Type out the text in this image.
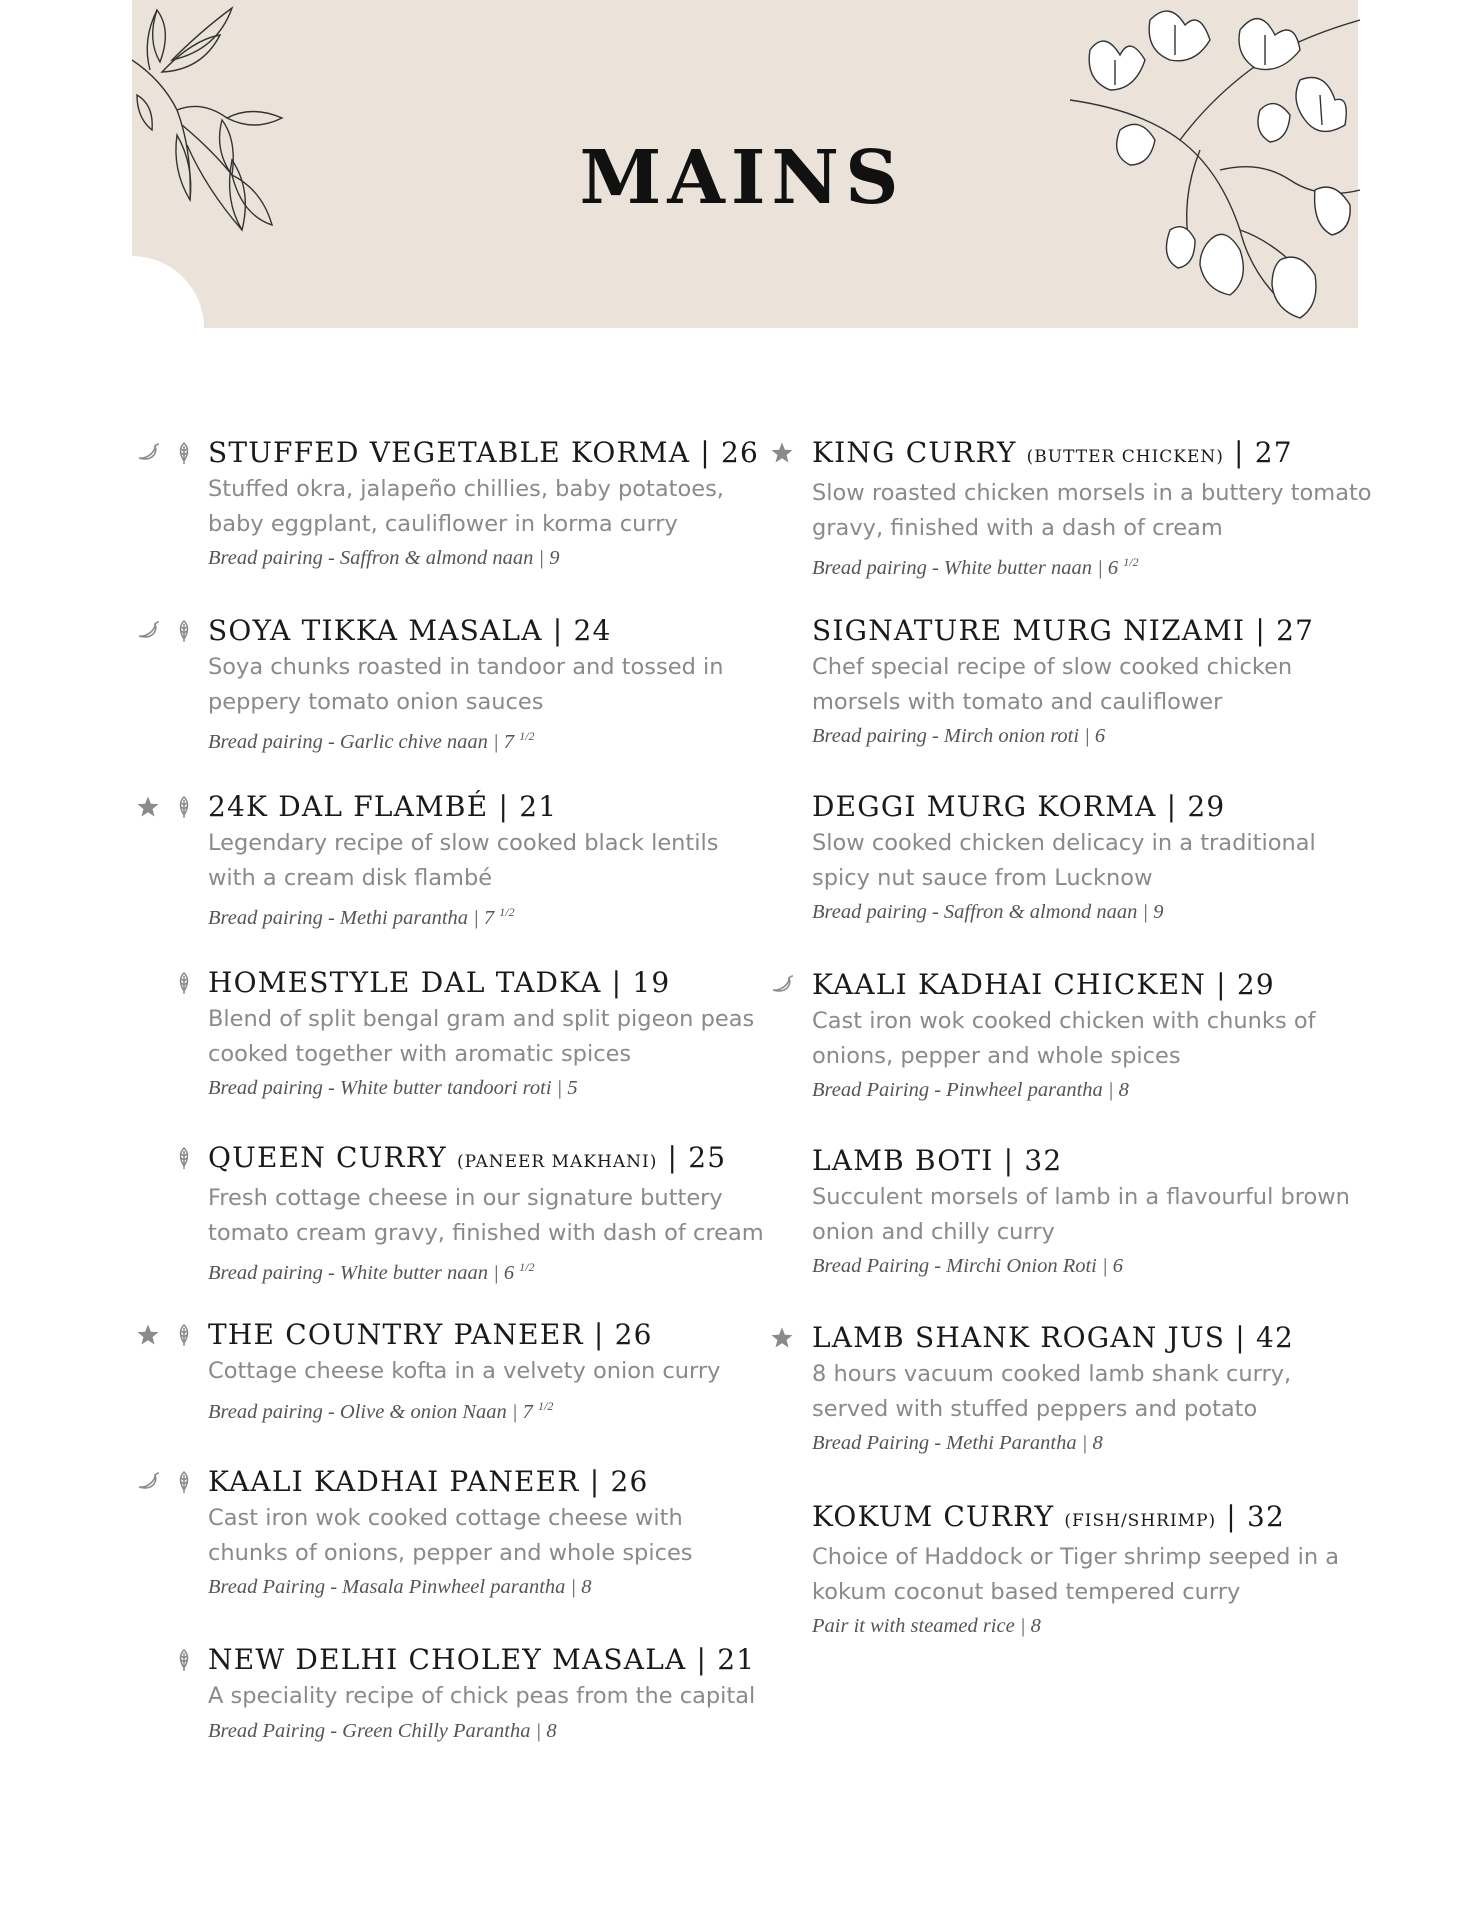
MAINS
STUFFED VEGETABLE KORMA | 26
Stuffed okra, jalapeño chillies, baby potatoes, baby eggplant, cauliflower in korma curry
Bread pairing - Saffron & almond naan | 9
SOYA TIKKA MASALA | 24
Soya chunks roasted in tandoor and tossed in peppery tomato onion sauces
Bread pairing - Garlic chive naan | 7 $^{1/2}$
24K DAL FLAMBÉ | 21
Legendary recipe of slow cooked black lentils with a cream disk flambé
Bread pairing - Methi parantha | 7 $^{1/2}$
HOMESTYLE DAL TADKA | 19
Blend of split bengal gram and split pigeon peas cooked together with aromatic spices
Bread pairing - White butter tandoori roti | 5
QUEEN CURRY (PANEER MAKHANI) | 25
Fresh cottage cheese in our signature buttery tomato cream gravy, finished with dash of cream
Bread pairing - White butter naan | 6 $^{1/2}$
THE COUNTRY PANEER | 26
Cottage cheese kofta in a velvety onion curry
Bread pairing - Olive & onion Naan | 7 $^{1/2}$
KAALI KADHAI PANEER | 26
Cast iron wok cooked cottage cheese with chunks of onions, pepper and whole spices
Bread Pairing - Masala Pinwheel parantha | 8
NEW DELHI CHOLEY MASALA | 21
A speciality recipe of chick peas from the capital
Bread Pairing - Green Chilly Parantha | 8
KING CURRY (BUTTER CHICKEN) | 27
Slow roasted chicken morsels in a buttery tomato gravy, finished with a dash of cream
Bread pairing - White butter naan | 6 $^{1/2}$
SIGNATURE MURG NIZAMI | 27
Chef special recipe of slow cooked chicken morsels with tomato and cauliflower
Bread pairing - Mirch onion roti | 6
DEGGI MURG KORMA | 29
Slow cooked chicken delicacy in a traditional spicy nut sauce from Lucknow
Bread pairing - Saffron & almond naan | 9
KAALI KADHAI CHICKEN | 29
Cast iron wok cooked chicken with chunks of onions, pepper and whole spices
Bread Pairing - Pinwheel parantha | 8
LAMB BOTI | 32
Succulent morsels of lamb in a flavourful brown onion and chilly curry
Bread Pairing - Mirchi Onion Roti | 6
LAMB SHANK ROGAN JUS | 42
8 hours vacuum cooked lamb shank curry, served with stuffed peppers and potato
Bread Pairing - Methi Parantha | 8
KOKUM CURRY (FISH/SHRIMP) | 32
Choice of Haddock or Tiger shrimp seeped in a kokum coconut based tempered curry
Pair it with steamed rice | 8
